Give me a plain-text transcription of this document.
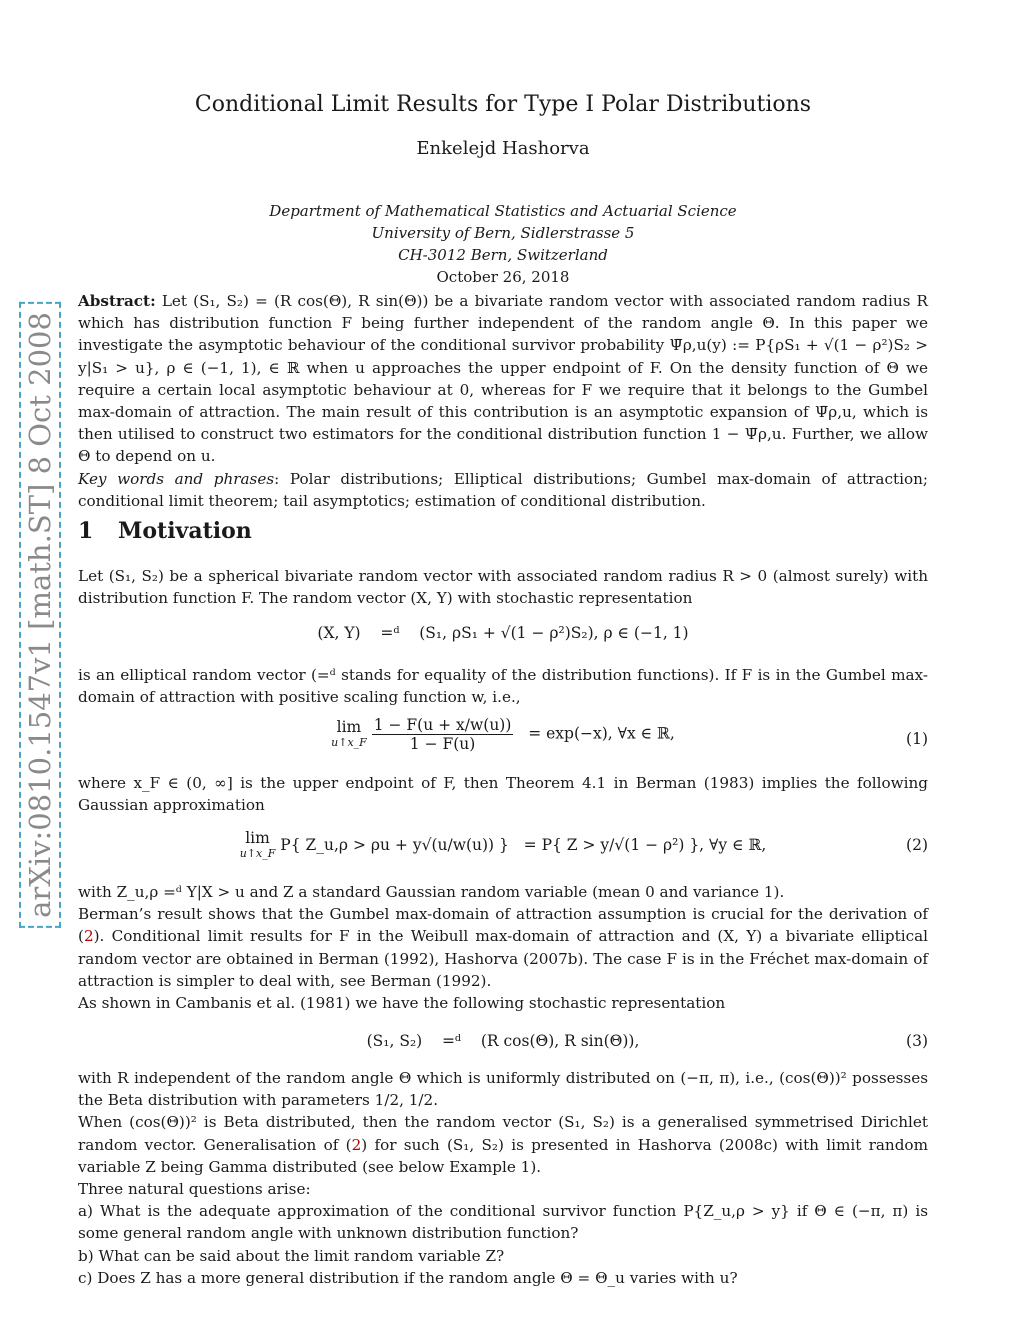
arXiv:0810.1547v1 [math.ST] 8 Oct 2008
Conditional Limit Results for Type I Polar Distributions
Enkelejd Hashorva
Department of Mathematical Statistics and Actuarial Science
University of Bern, Sidlerstrasse 5
CH-3012 Bern, Switzerland
October 26, 2018

Abstract: Let (S₁, S₂) = (R cos(Θ), R sin(Θ)) be a bivariate random vector with associated random radius R which has distribution function F being further independent of the random angle Θ. In this paper we investigate the asymptotic behaviour of the conditional survivor probability Ψ̄ρ,u(y) := P{ρS₁ + √(1 − ρ²)S₂ > y|S₁ > u}, ρ ∈ (−1, 1), ∈ ℝ when u approaches the upper endpoint of F. On the density function of Θ we require a certain local asymptotic behaviour at 0, whereas for F we require that it belongs to the Gumbel max-domain of attraction. The main result of this contribution is an asymptotic expansion of Ψ̄ρ,u, which is then utilised to construct two estimators for the conditional distribution function 1 − Ψ̄ρ,u. Further, we allow Θ to depend on u.

Key words and phrases: Polar distributions; Elliptical distributions; Gumbel max-domain of attraction; conditional limit theorem; tail asymptotics; estimation of conditional distribution.

1 Motivation
Let (S₁, S₂) be a spherical bivariate random vector with associated random radius R > 0 (almost surely) with distribution function F. The random vector (X, Y) with stochastic representation
(X, Y) =ᵈ (S₁, ρS₁ + √(1 − ρ²)S₂), ρ ∈ (−1, 1)
is an elliptical random vector (=ᵈ stands for equality of the distribution functions). If F is in the Gumbel max-domain of attraction with positive scaling function w, i.e.,
lim
u↑x_F
$\frac{1 - F(u + x/w(u))}{1 - F(u)} = \exp(-x)$, ∀x ∈ ℝ,	(1)
where x_F ∈ (0, ∞] is the upper endpoint of F, then Theorem 4.1 in Berman (1983) implies the following Gaussian approximation
lim
u↑x_F P{ Z_u,ρ > ρu + y√(u/w(u)) } = P{ Z > y/√(1 − ρ²) }, ∀y ∈ ℝ,	(2)

with Z_u,ρ =ᵈ Y|X > u and Z a standard Gaussian random variable (mean 0 and variance 1).

Berman’s result shows that the Gumbel max-domain of attraction assumption is crucial for the derivation of (2). Conditional limit results for F in the Weibull max-domain of attraction and (X, Y) a bivariate elliptical random vector are obtained in Berman (1992), Hashorva (2007b). The case F is in the Fréchet max-domain of attraction is simpler to deal with, see Berman (1992).

As shown in Cambanis et al. (1981) we have the following stochastic representation

(S₁, S₂) =ᵈ (R cos(Θ), R sin(Θ)),	(3)

with R independent of the random angle Θ which is uniformly distributed on (−π, π), i.e., (cos(Θ))² possesses the Beta distribution with parameters 1/2, 1/2.

When (cos(Θ))² is Beta distributed, then the random vector (S₁, S₂) is a generalised symmetrised Dirichlet random vector. Generalisation of (2) for such (S₁, S₂) is presented in Hashorva (2008c) with limit random variable Z being Gamma distributed (see below Example 1).

Three natural questions arise:

a) What is the adequate approximation of the conditional survivor function P{Z_u,ρ > y} if Θ ∈ (−π, π) is some general random angle with unknown distribution function?

b) What can be said about the limit random variable Z?

c) Does Z has a more general distribution if the random angle Θ = Θ_u varies with u?
